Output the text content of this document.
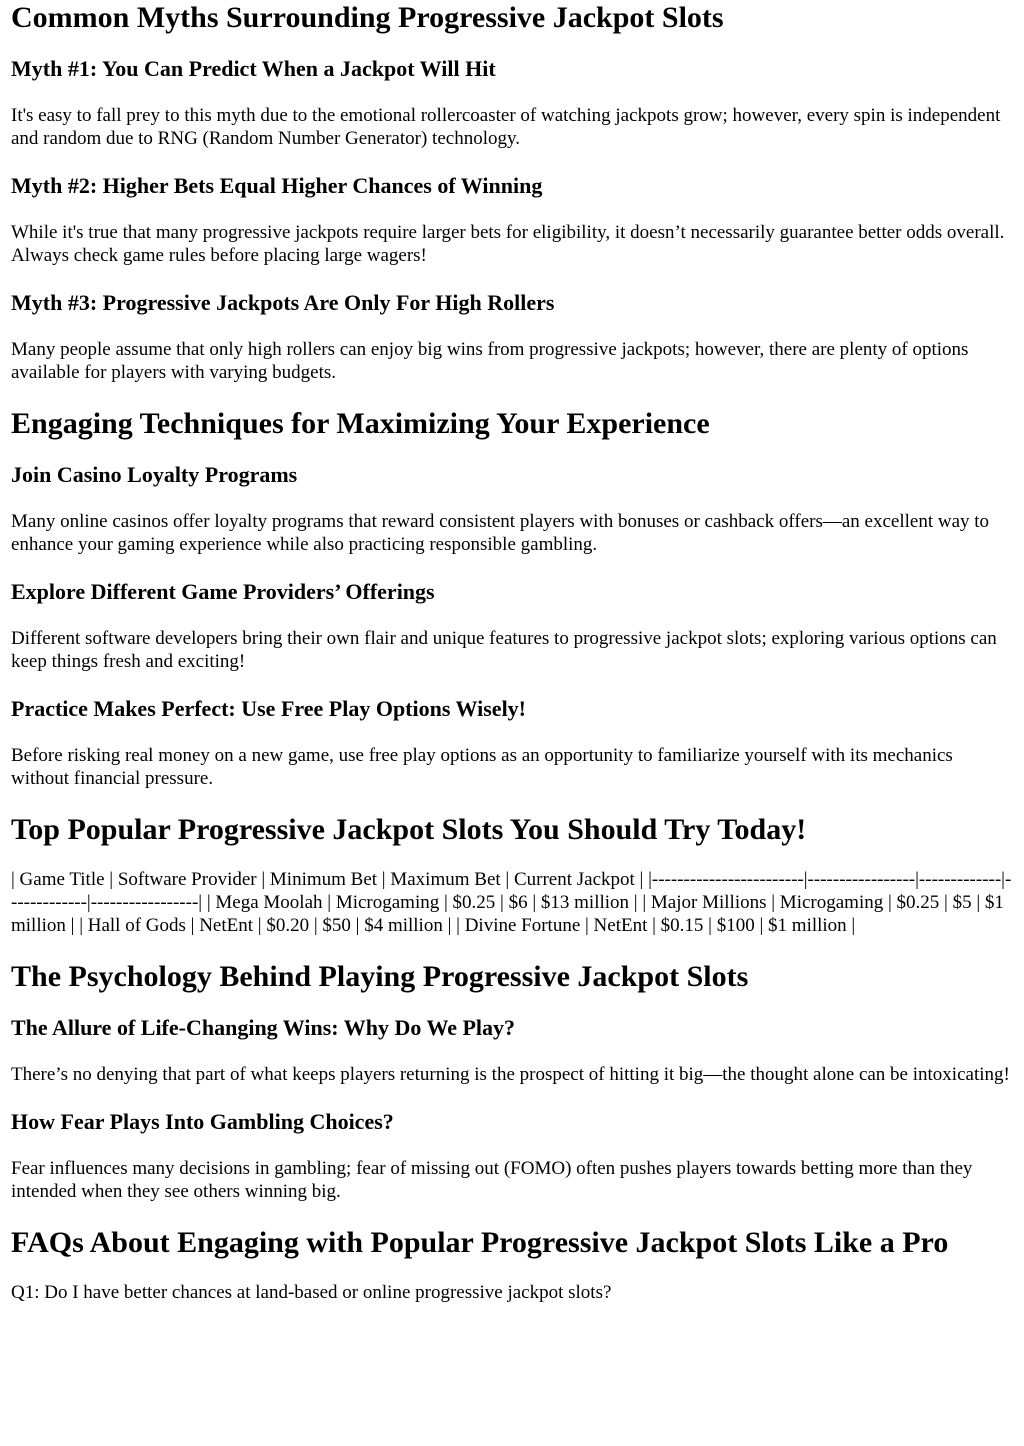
Common Myths Surrounding Progressive Jackpot Slots
Myth #1: You Can Predict When a Jackpot Will Hit

It's easy to fall prey to this myth due to the emotional rollercoaster of watching jackpots grow; however, every spin is independent and random due to RNG (Random Number Generator) technology.

Myth #2: Higher Bets Equal Higher Chances of Winning

While it's true that many progressive jackpots require larger bets for eligibility, it doesn’t necessarily guarantee better odds overall. Always check game rules before placing large wagers!

Myth #3: Progressive Jackpots Are Only For High Rollers

Many people assume that only high rollers can enjoy big wins from progressive jackpots; however, there are plenty of options available for players with varying budgets.

Engaging Techniques for Maximizing Your Experience
Join Casino Loyalty Programs

Many online casinos offer loyalty programs that reward consistent players with bonuses or cashback offers—an excellent way to enhance your gaming experience while also practicing responsible gambling.

Explore Different Game Providers’ Offerings

Different software developers bring their own flair and unique features to progressive jackpot slots; exploring various options can keep things fresh and exciting!

Practice Makes Perfect: Use Free Play Options Wisely!

Before risking real money on a new game, use free play options as an opportunity to familiarize yourself with its mechanics without financial pressure.

Top Popular Progressive Jackpot Slots You Should Try Today!

| Game Title | Software Provider | Minimum Bet | Maximum Bet | Current Jackpot | |------------------------|-----------------|-------------|-------------|-----------------| | Mega Moolah | Microgaming | $0.25 | $6 | $13 million | | Major Millions | Microgaming | $0.25 | $5 | $1 million | | Hall of Gods | NetEnt | $0.20 | $50 | $4 million | | Divine Fortune | NetEnt | $0.15 | $100 | $1 million |

The Psychology Behind Playing Progressive Jackpot Slots
The Allure of Life-Changing Wins: Why Do We Play?

There’s no denying that part of what keeps players returning is the prospect of hitting it big—the thought alone can be intoxicating!

How Fear Plays Into Gambling Choices?

Fear influences many decisions in gambling; fear of missing out (FOMO) often pushes players towards betting more than they intended when they see others winning big.

FAQs About Engaging with Popular Progressive Jackpot Slots Like a Pro

Q1: Do I have better chances at land-based or online progressive jackpot slots?
